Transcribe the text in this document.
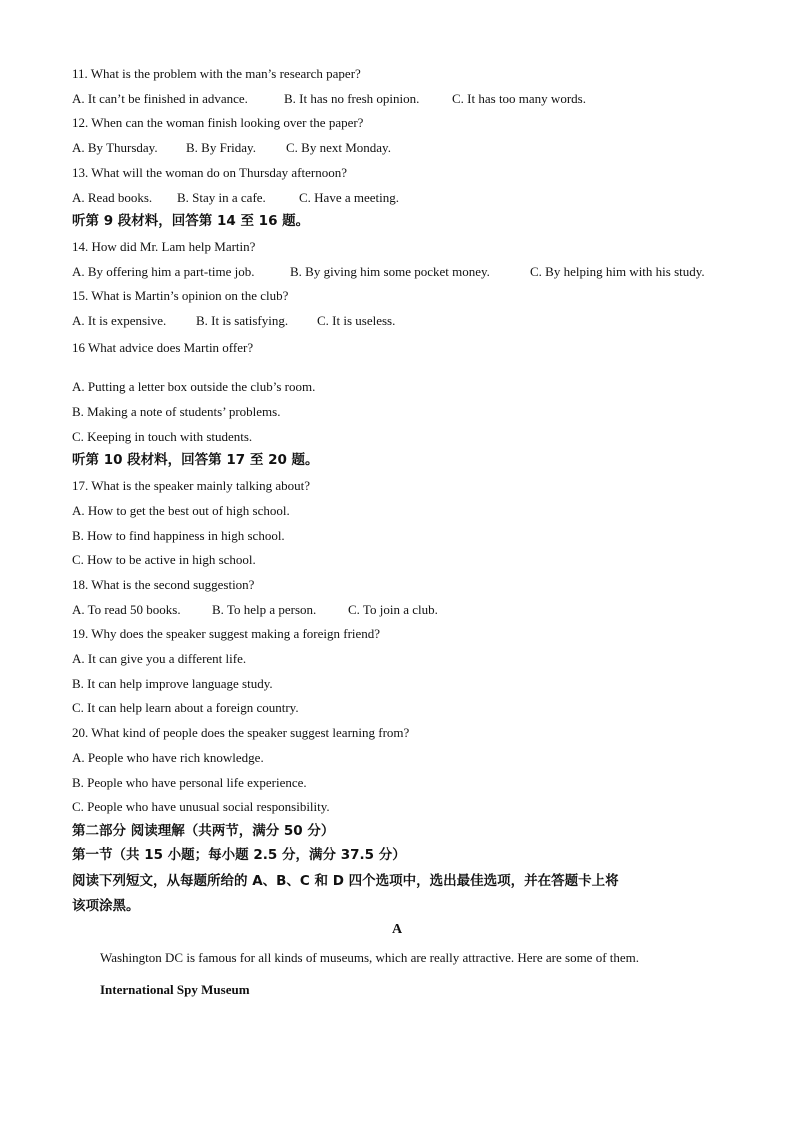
11. What is the problem with the man’s research paper?
A. It can’t be finished in advance.	B. It has no fresh opinion.	C. It has too many words.
12. When can the woman finish looking over the paper?
A. By Thursday. B. By Friday. C. By next Monday.
13. What will the woman do on Thursday afternoon?
A. Read books. B. Stay in a cafe.	C. Have a meeting.
听第 9 段材料，回答第 14 至 16 题。
14. How did Mr. Lam help Martin?
A. By offering him a part-time job.	B. By giving him some pocket money.	C. By helping him with his study.
15. What is Martin’s opinion on the club?
A. It is expensive. B. It is satisfying. C. It is useless.
16 What advice does Martin offer?
A. Putting a letter box outside the club’s room.
B. Making a note of students’ problems.
C. Keeping in touch with students.
听第 10 段材料，回答第 17 至 20 题。
17. What is the speaker mainly talking about?
A. How to get the best out of high school.
B. How to find happiness in high school.
C. How to be active in high school.
18. What is the second suggestion?
A. To read 50 books. B. To help a person. C. To join a club.
19. Why does the speaker suggest making a foreign friend?
A. It can give you a different life.
B. It can help improve language study.
C. It can help learn about a foreign country.
20. What kind of people does the speaker suggest learning from?
A. People who have rich knowledge.
B. People who have personal life experience.
C. People who have unusual social responsibility.
第二部分 阅读理解（共两节，满分 50 分）
第一节（共 15 小题；每小题 2.5 分，满分 37.5 分）
阅读下列短文，从每题所给的 A、B、C 和 D 四个选项中，选出最佳选项，并在答题卡上将
该项涂黑。
A
Washington DC is famous for all kinds of museums, which are really attractive. Here are some of them.
International Spy Museum
